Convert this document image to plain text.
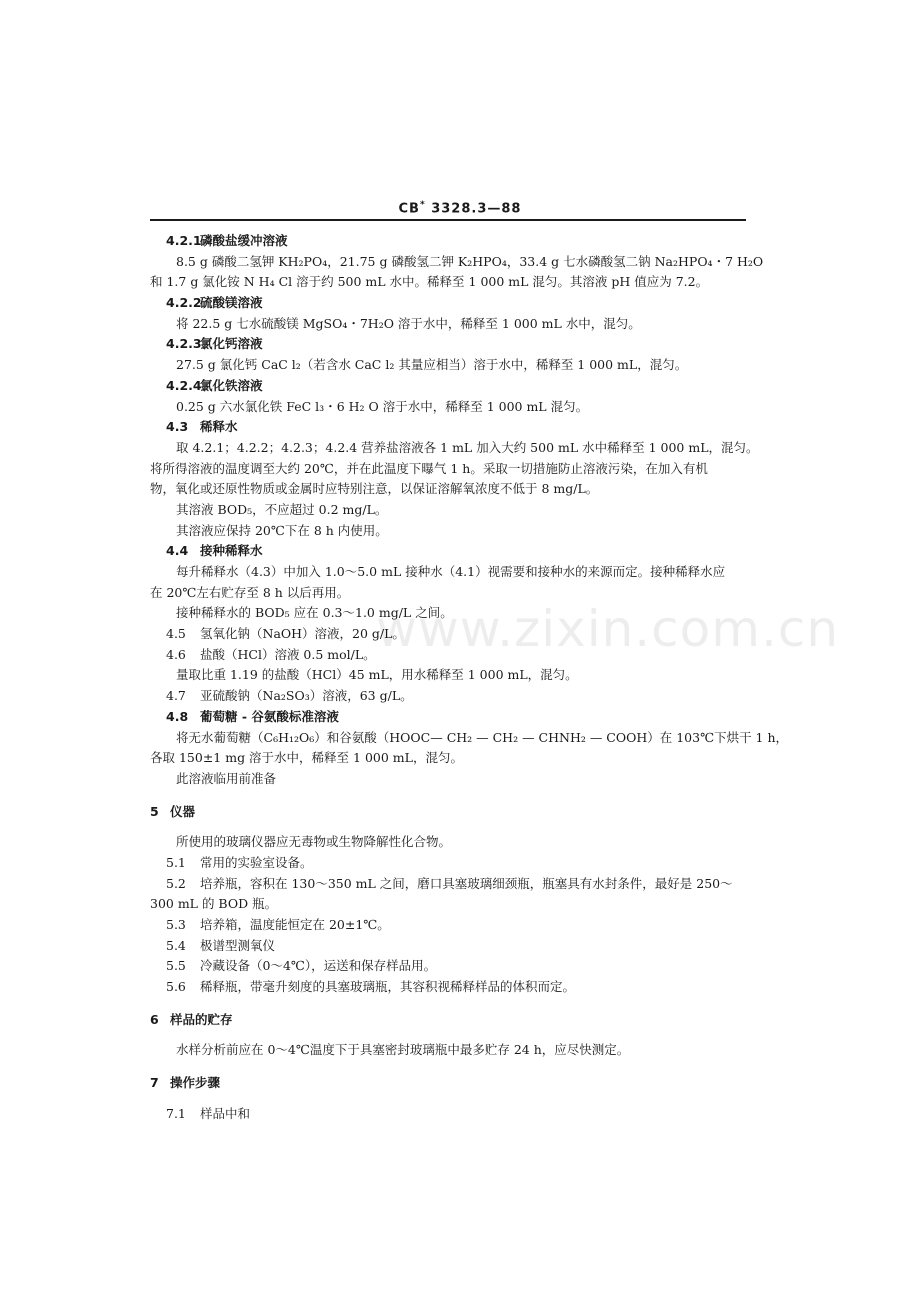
CB* 3328.3—88
4.2.1磷酸盐缓冲溶液
8.5 g 磷酸二氢钾 KH₂PO₄，21.75 g 磷酸氢二钾 K₂HPO₄，33.4 g 七水磷酸氢二钠 Na₂HPO₄・7 H₂O
和 1.7 g 氯化铵 N H₄ Cl 溶于约 500 mL 水中。稀释至 1 000 mL 混匀。其溶液 pH 值应为 7.2。
4.2.2硫酸镁溶液
将 22.5 g 七水硫酸镁 MgSO₄・7H₂O 溶于水中，稀释至 1 000 mL 水中，混匀。
4.2.3氯化钙溶液
27.5 g 氯化钙 CaC l₂（若含水 CaC l₂ 其量应相当）溶于水中，稀释至 1 000 mL，混匀。
4.2.4氯化铁溶液
0.25 g 六水氯化铁 FeC l₃・6 H₂ O 溶于水中，稀释至 1 000 mL 混匀。
4.3 稀释水
取 4.2.1；4.2.2；4.2.3；4.2.4 营养盐溶液各 1 mL 加入大约 500 mL 水中稀释至 1 000 mL，混匀。
将所得溶液的温度调至大约 20℃，并在此温度下曝气 1 h。采取一切措施防止溶液污染，在加入有机
物，氧化或还原性物质或金属时应特别注意，以保证溶解氧浓度不低于 8 mg/L。
其溶液 BOD₅，不应超过 0.2 mg/L。
其溶液应保持 20℃下在 8 h 内使用。
4.4 接种稀释水
每升稀释水（4.3）中加入 1.0～5.0 mL 接种水（4.1）视需要和接种水的来源而定。接种稀释水应
在 20℃左右贮存至 8 h 以后再用。
接种稀释水的 BOD₅ 应在 0.3～1.0 mg/L 之间。
4.5 氢氧化钠（NaOH）溶液，20 g/L。
4.6 盐酸（HCl）溶液 0.5 mol/L。
量取比重 1.19 的盐酸（HCl）45 mL，用水稀释至 1 000 mL，混匀。
4.7 亚硫酸钠（Na₂SO₃）溶液，63 g/L。
4.8 葡萄糖 - 谷氨酸标准溶液
将无水葡萄糖（C₆H₁₂O₆）和谷氨酸（HOOC— CH₂ — CH₂ — CHNH₂ — COOH）在 103℃下烘干 1 h，
各取 150±1 mg 溶于水中，稀释至 1 000 mL，混匀。
此溶液临用前准备
5 仪器
所使用的玻璃仪器应无毒物或生物降解性化合物。
5.1 常用的实验室设备。
5.2 培养瓶，容积在 130～350 mL 之间，磨口具塞玻璃细颈瓶，瓶塞具有水封条件，最好是 250～
300 mL 的 BOD 瓶。
5.3 培养箱，温度能恒定在 20±1℃。
5.4 极谱型测氧仪
5.5 冷藏设备（0～4℃），运送和保存样品用。
5.6 稀释瓶，带毫升刻度的具塞玻璃瓶，其容积视稀释样品的体积而定。
6 样品的贮存
水样分析前应在 0～4℃温度下于具塞密封玻璃瓶中最多贮存 24 h，应尽快测定。
7 操作步骤
7.1 样品中和
www.zixin.com.cn
